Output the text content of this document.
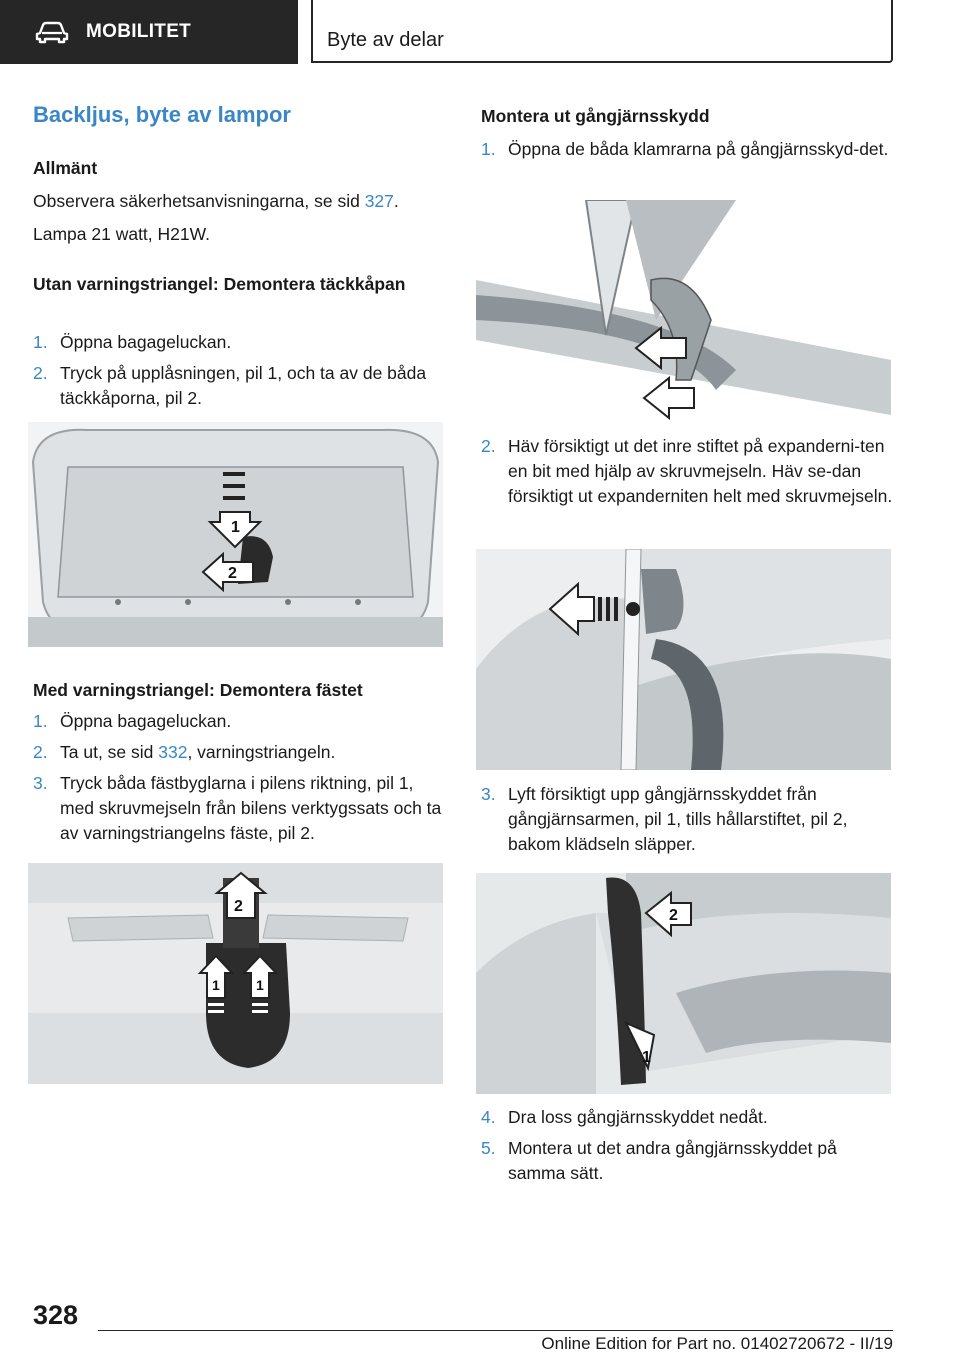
MOBILITET	Byte av delar
Backljus, byte av lampor
Allmänt
Observera säkerhetsanvisningarna, se sid 327.
Lampa 21 watt, H21W.
Utan varningstriangel: Demontera täckkåpan
1. Öppna bagageluckan.
2. Tryck på upplåsningen, pil 1, och ta av de båda täckkåporna, pil 2.
1
2
Med varningstriangel: Demontera fästet
1. Öppna bagageluckan.
2. Ta ut, se sid 332, varningstriangeln.
3. Tryck båda fästbyglarna i pilens riktning, pil 1, med skruvmejseln från bilens verktygssats och ta av varningstriangelns fäste, pil 2.
2
1	1
Montera ut gångjärnsskydd
1. Öppna de båda klamrarna på gångjärnsskyd-det.
2. Häv försiktigt ut det inre stiftet på expanderni-ten en bit med hjälp av skruvmejseln. Häv se-dan försiktigt ut expanderniten helt med skruvmejseln.
3. Lyft försiktigt upp gångjärnsskyddet från gångjärnsarmen, pil 1, tills hållarstiftet, pil 2, bakom klädseln släpper.
2
1
4. Dra loss gångjärnsskyddet nedåt.
5. Montera ut det andra gångjärnsskyddet på samma sätt.
328
Online Edition for Part no. 01402720672 - II/19
